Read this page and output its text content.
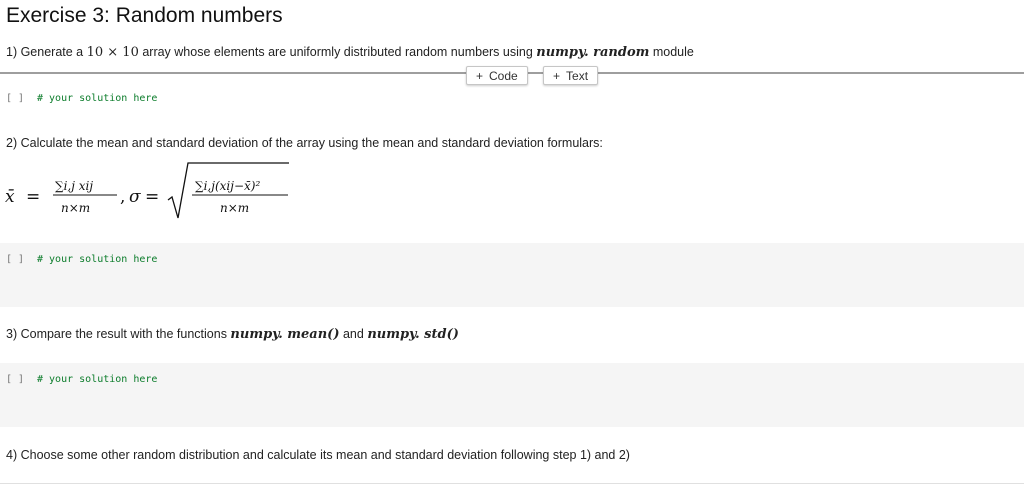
Exercise 3: Random numbers
1) Generate a 10 × 10 array whose elements are uniformly distributed random numbers using numpy. random module
+ Code	+ Text
[ ] # your solution here
2) Calculate the mean and standard deviation of the array using the mean and standard deviation formulars:
x̄ =
∑i,j xij
n×m
, σ =
∑i,j(xij−x̄)²
n×m
[ ] # your solution here
3) Compare the result with the functions numpy. mean() and numpy. std()
[ ] # your solution here
4) Choose some other random distribution and calculate its mean and standard deviation following step 1) and 2)
